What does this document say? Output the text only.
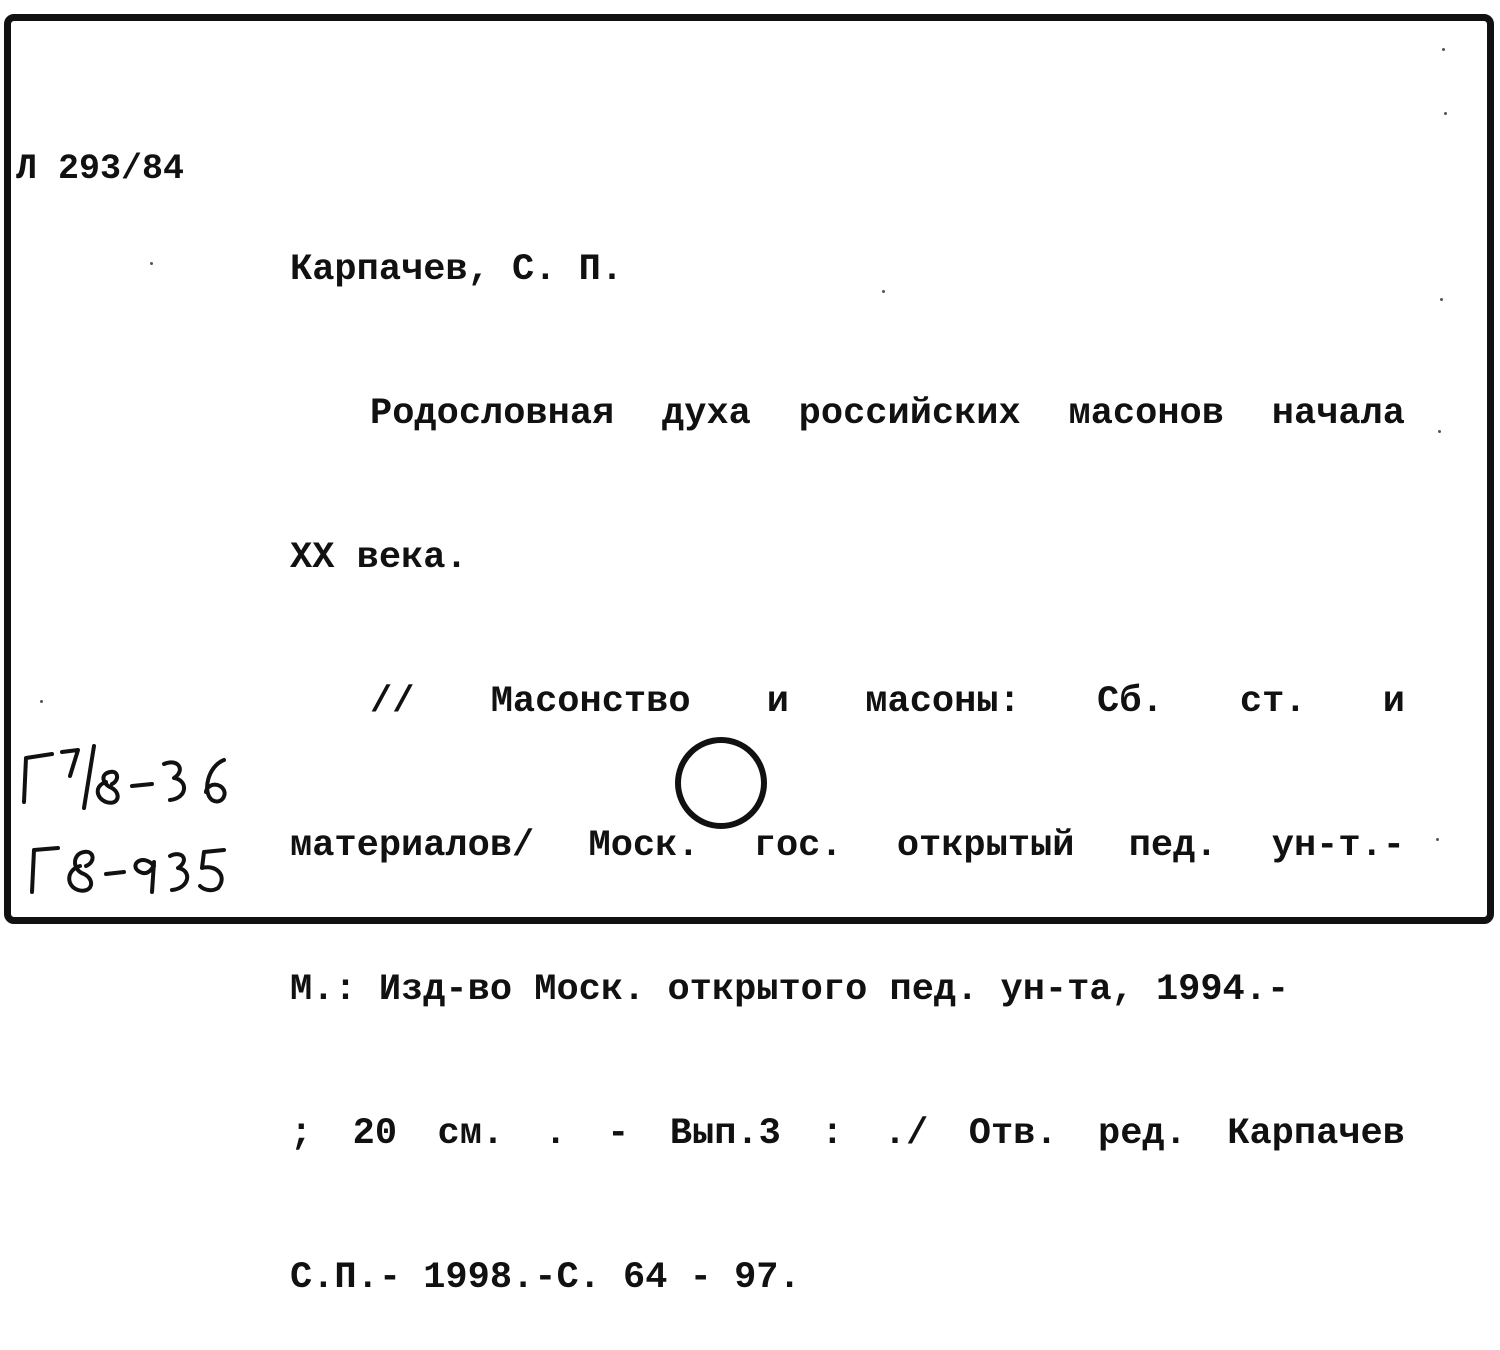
Л 293/84

Карпачев, С. П.

Родословная духа российских масонов начала

XX века.

// Масонство и масоны: Сб. ст. и

материалов/ Моск. гос. открытый пед. ун-т.-

М.: Изд-во Моск. открытого пед. ун-та, 1994.-

; 20 см. . - Вып.3 : ./ Отв. ред. Карпачев

С.П.- 1998.-С. 64 - 97.

Г7/8-36
Г8-935
